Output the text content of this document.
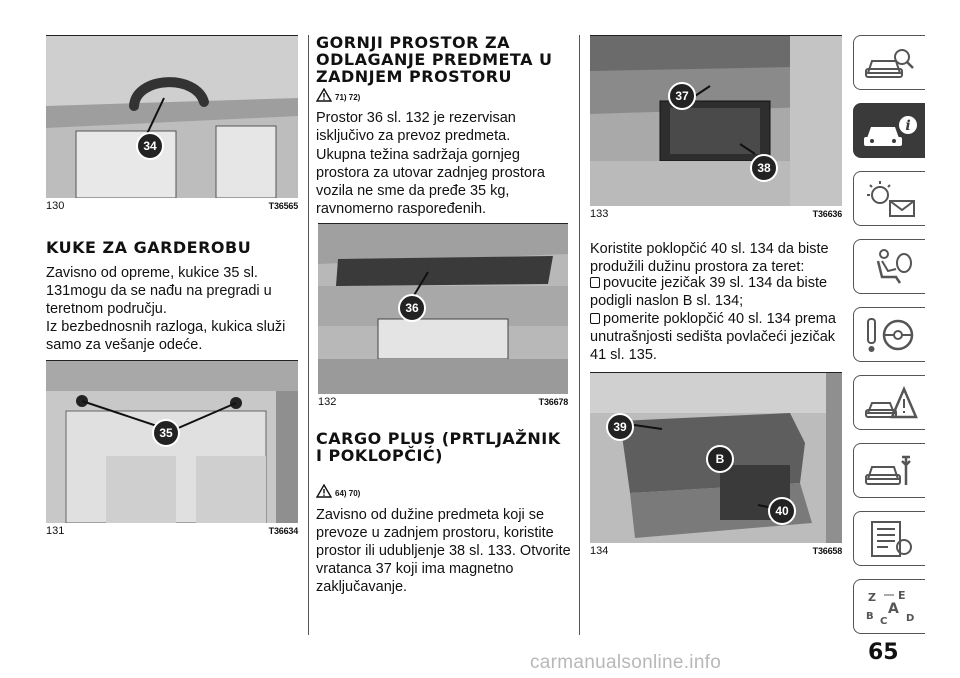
34
130	T36565
KUKE ZA GARDEROBU

Zavisno od opreme, kukice 35 sl. 131mogu da se nađu na pregradi u teretnom području.

Iz bezbednosnih razloga, kukica služi samo za vešanje odeće.

35
131	T36634
GORNJI PROSTOR ZA ODLAGANJE PREDMETA U ZADNJEM PROSTORU
71) 72)

Prostor 36 sl. 132 je rezervisan isključivo za prevoz predmeta.

Ukupna težina sadržaja gornjeg prostora za utovar zadnjeg prostora vozila ne sme da pređe 35 kg, ravnomerno raspoređenih.

36
132	T36678
CARGO PLUS (PRTLJAŽNIK I POKLOPČIĆ)
64) 70)

Zavisno od dužine predmeta koji se prevoze u zadnjem prostoru, koristite prostor ili udubljenje 38 sl. 133. Otvorite vratanca 37 koji ima magnetno zaključavanje.

37
38
133	T36636

Koristite poklopčić 40 sl. 134 da biste produžili dužinu prostora za teret:

povucite jezičak 39 sl. 134 da biste podigli naslon B sl. 134;

pomerite poklopčić 40 sl. 134 prema unutrašnjosti sedišta povlačeći jezičak 41 sl. 135.

39
B
40
134	T36658
i
Z E
B C
A
D
65
carmanualsonline.info
